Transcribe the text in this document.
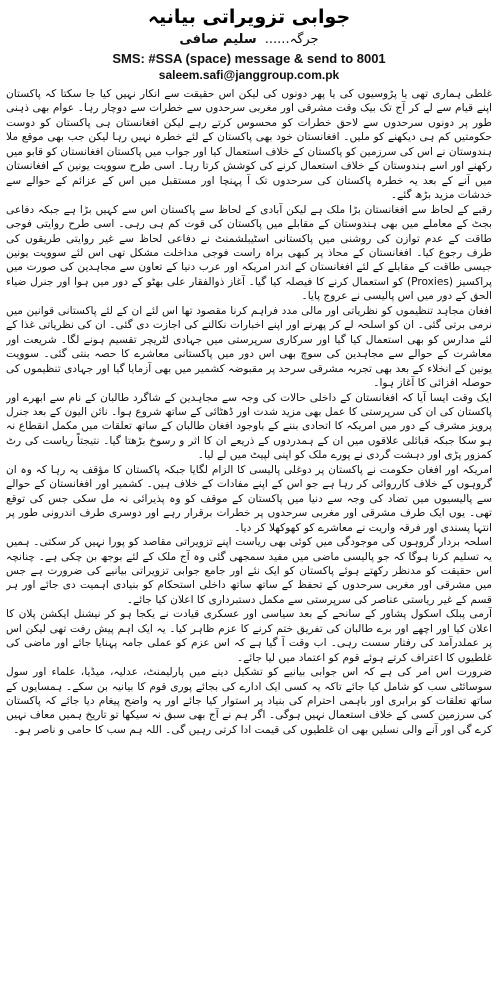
جوابی تزویراتی بیانیہ

جرگہ...... سلیم صافی

SMS: #SSA (space) message & send to 8001

saleem.safi@janggroup.com.pk

غلطی ہماری تھی یا پڑوسیوں کی یا پھر دونوں کی لیکن اس حقیقت سے انکار نہیں کیا جا سکتا کہ پاکستان اپنے قیام سے لے کر آج تک بیک وقت مشرقی اور مغربی سرحدوں سے خطرات سے دوچار رہا۔ عوام بھی ذہنی طور پر دونوں سرحدوں سے لاحق خطرات کو محسوس کرتے رہے لیکن افغانستان ہی پاکستان کو دوست حکومتیں کم ہی دیکھنے کو ملیں۔ افغانستان خود بھی پاکستان کے لئے خطرہ نہیں رہا لیکن جب بھی موقع ملا ہندوستان نے اس کی سرزمین کو پاکستان کے خلاف استعمال کیا اور جواب میں پاکستان افغانستان کو قابو میں رکھنے اور اسے ہندوستان کے خلاف استعمال کرنے کی کوشش کرتا رہا۔ اسی طرح سوویت یونین کے افغانستان میں آنے کے بعد یہ خطرہ پاکستان کی سرحدوں تک آ پہنچا اور مستقبل میں اس کے عزائم کے حوالے سے خدشات مزید بڑھ گئے۔

رقبے کے لحاظ سے افغانستان بڑا ملک ہے لیکن آبادی کے لحاظ سے پاکستان اس سے کہیں بڑا ہے جبکہ دفاعی بجٹ کے معاملے میں بھی ہندوستان کے مقابلے میں پاکستان کی قوت کم ہی رہی۔ اسی طرح روایتی فوجی طاقت کے عدم توازن کی روشنی میں پاکستانی اسٹیبلشمنٹ نے دفاعی لحاظ سے غیر روایتی طریقوں کی طرف رجوع کیا۔ افغانستان کے محاذ پر کبھی براہ راست فوجی مداخلت مشکل تھی اس لئے سوویت یونین جیسی طاقت کے مقابلے کے لئے افغانستان کے اندر امریکہ اور عرب دنیا کے تعاون سے مجاہدین کی صورت میں پراکسیز (Proxies) کو استعمال کرنے کا فیصلہ کیا گیا۔ آغاز ذوالفقار علی بھٹو کے دور میں ہوا اور جنرل ضیاء الحق کے دور میں اس پالیسی نے عروج پایا۔

افغان مجاہد تنظیموں کو نظریاتی اور مالی مدد فراہم کرنا مقصود تھا اس لئے ان کے لئے پاکستانی قوانین میں نرمی برتی گئی۔ ان کو اسلحہ لے کر پھرنے اور اپنے اخبارات نکالنے کی اجازت دی گئی۔ ان کی نظریاتی غذا کے لئے مدارس کو بھی استعمال کیا گیا اور سرکاری سرپرستی میں جہادی لٹریچر تقسیم ہونے لگا۔ شریعت اور معاشرت کے حوالے سے مجاہدین کی سوچ بھی اس دور میں پاکستانی معاشرے کا حصہ بنتی گئی۔ سوویت یونین کے انخلاء کے بعد بھی تجربہ مشرقی سرحد پر مقبوضہ کشمیر میں بھی آزمایا گیا اور جہادی تنظیموں کی حوصلہ افزائی کا آغاز ہوا۔

ایک وقت ایسا آیا کہ افغانستان کے داخلی حالات کی وجہ سے مجاہدین کے شاگرد طالبان کے نام سے ابھرے اور پاکستان کی ان کی سرپرستی کا عمل بھی مزید شدت اور ڈھٹائی کے ساتھ شروع ہوا۔ نائن الیون کے بعد جنرل پرویز مشرف کے دور میں امریکہ کا اتحادی بننے کے باوجود افغان طالبان کے ساتھ تعلقات میں مکمل انقطاع نہ ہو سکا جبکہ قبائلی علاقوں میں ان کے ہمدردوں کے ذریعے ان کا اثر و رسوخ بڑھتا گیا۔ نتیجتاً ریاست کی رٹ کمزور پڑی اور دہشت گردی نے پورے ملک کو اپنی لپیٹ میں لے لیا۔

امریکہ اور افغان حکومت نے پاکستان پر دوغلی پالیسی کا الزام لگایا جبکہ پاکستان کا مؤقف یہ رہا کہ وہ ان گروہوں کے خلاف کارروائی کر رہا ہے جو اس کے اپنے مفادات کے خلاف ہیں۔ کشمیر اور افغانستان کے حوالے سے پالیسیوں میں تضاد کی وجہ سے دنیا میں پاکستان کے موقف کو وہ پذیرائی نہ مل سکی جس کی توقع تھی۔ یوں ایک طرف مشرقی اور مغربی سرحدوں پر خطرات برقرار رہے اور دوسری طرف اندرونی طور پر انتہا پسندی اور فرقہ واریت نے معاشرے کو کھوکھلا کر دیا۔

اسلحہ بردار گروہوں کی موجودگی میں کوئی بھی ریاست اپنے تزویراتی مقاصد کو پورا نہیں کر سکتی۔ ہمیں یہ تسلیم کرنا ہوگا کہ جو پالیسی ماضی میں مفید سمجھی گئی وہ آج ملک کے لئے بوجھ بن چکی ہے۔ چنانچہ اس حقیقت کو مدنظر رکھتے ہوئے پاکستان کو ایک نئے اور جامع جوابی تزویراتی بیانیے کی ضرورت ہے جس میں مشرقی اور مغربی سرحدوں کے تحفظ کے ساتھ ساتھ داخلی استحکام کو بنیادی اہمیت دی جائے اور ہر قسم کے غیر ریاستی عناصر کی سرپرستی سے مکمل دستبرداری کا اعلان کیا جائے۔

آرمی پبلک اسکول پشاور کے سانحے کے بعد سیاسی اور عسکری قیادت نے یکجا ہو کر نیشنل ایکشن پلان کا اعلان کیا اور اچھے اور برے طالبان کی تفریق ختم کرنے کا عزم ظاہر کیا۔ یہ ایک اہم پیش رفت تھی لیکن اس پر عملدرآمد کی رفتار سست رہی۔ اب وقت آ گیا ہے کہ اس عزم کو عملی جامہ پہنایا جائے اور ماضی کی غلطیوں کا اعتراف کرتے ہوئے قوم کو اعتماد میں لیا جائے۔

ضرورت اس امر کی ہے کہ اس جوابی بیانیے کو تشکیل دینے میں پارلیمنٹ، عدلیہ، میڈیا، علماء اور سول سوسائٹی سب کو شامل کیا جائے تاکہ یہ کسی ایک ادارے کی بجائے پوری قوم کا بیانیہ بن سکے۔ ہمسایوں کے ساتھ تعلقات کو برابری اور باہمی احترام کی بنیاد پر استوار کیا جائے اور یہ واضح پیغام دیا جائے کہ پاکستان کی سرزمین کسی کے خلاف استعمال نہیں ہوگی۔ اگر ہم نے آج بھی سبق نہ سیکھا تو تاریخ ہمیں معاف نہیں کرے گی اور آنے والی نسلیں بھی ان غلطیوں کی قیمت ادا کرتی رہیں گی۔ اللہ ہم سب کا حامی و ناصر ہو۔
